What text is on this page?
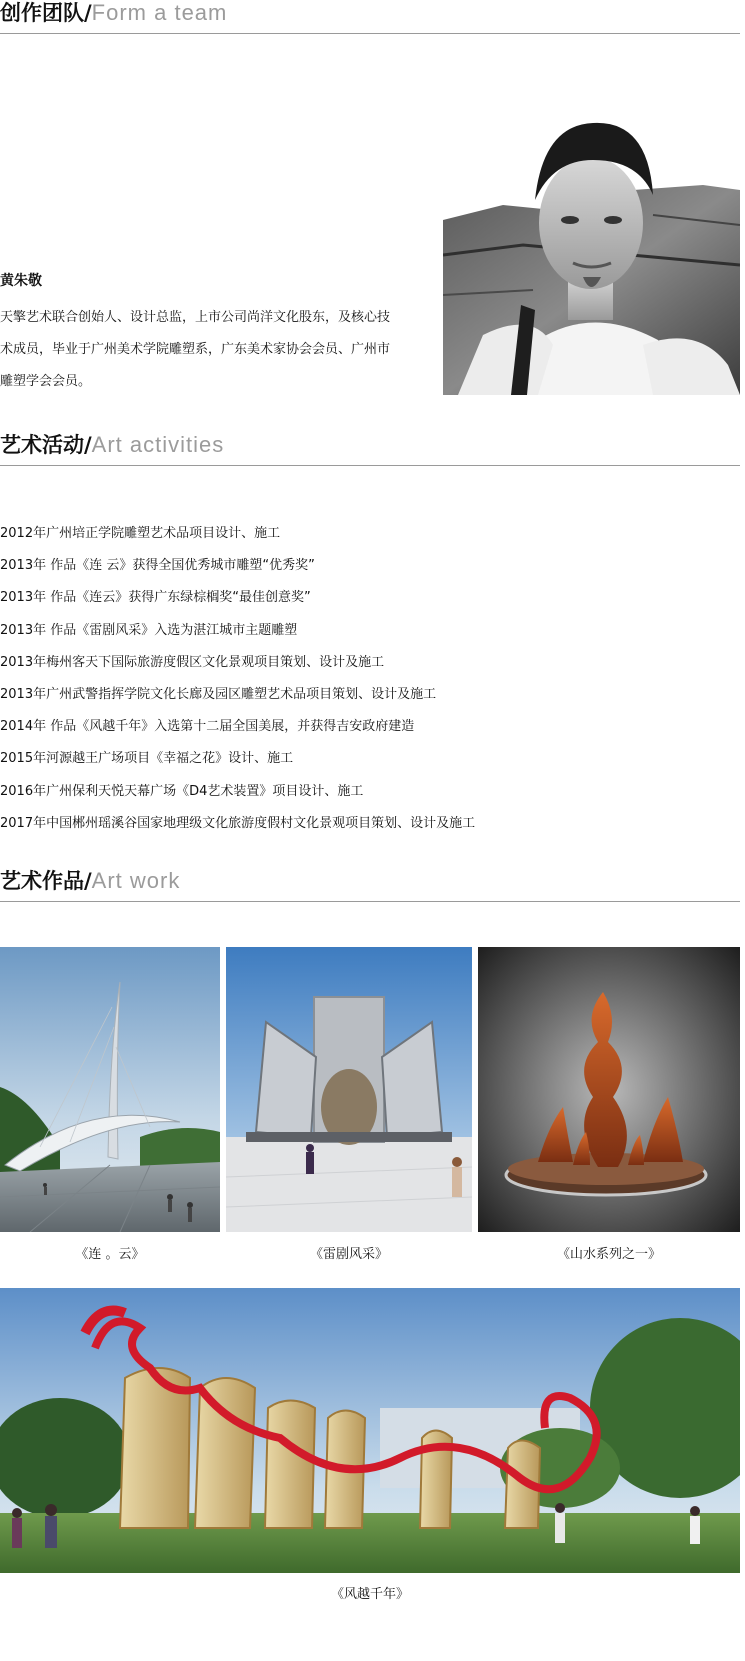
创作团队/Form a team
黄朱敬
天擎艺术联合创始人、设计总监，上市公司尚洋文化股东，及核心技术成员，毕业于广州美术学院雕塑系，广东美术家协会会员、广州市雕塑学会会员。
艺术活动/Art activities
2012年广州培正学院雕塑艺术品项目设计、施工
2013年 作品《连 云》获得全国优秀城市雕塑“优秀奖”
2013年 作品《连云》获得广东绿棕榈奖“最佳创意奖”
2013年 作品《雷剧风采》入选为湛江城市主题雕塑
2013年梅州客天下国际旅游度假区文化景观项目策划、设计及施工
2013年广州武警指挥学院文化长廊及园区雕塑艺术品项目策划、设计及施工
2014年 作品《风越千年》入选第十二届全国美展，并获得吉安政府建造
2015年河源越王广场项目《幸福之花》设计、施工
2016年广州保利天悦天幕广场《D4艺术装置》项目设计、施工
2017年中国郴州瑶溪谷国家地理级文化旅游度假村文化景观项目策划、设计及施工
艺术作品/Art work
《连 。云》	《雷剧风采》	《山水系列之一》
《风越千年》
